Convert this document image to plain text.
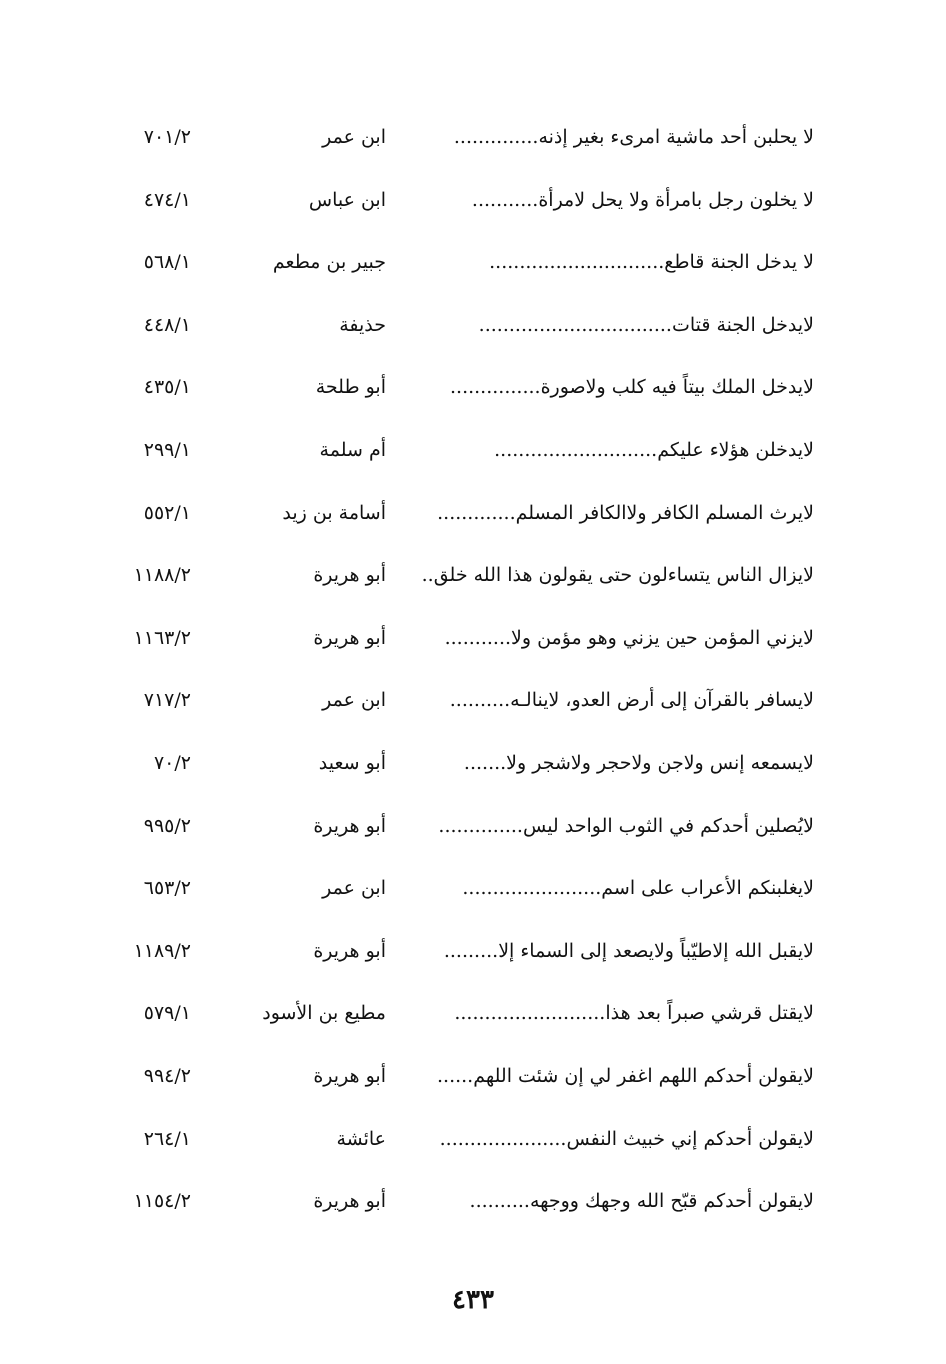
لا يحلبن أحد ماشية امرىء بغير إذنه..............
ابن عمر
٧٠١/٢
لا يخلون رجل بامرأة ولا يحل لامرأة...........
ابن عباس
٤٧٤/١
لا يدخل الجنة قاطع.............................
جبير بن مطعم
٥٦٨/١
لايدخل الجنة قتات................................
حذيفة
٤٤٨/١
لايدخل الملك بيتاً فيه كلب ولاصورة...............
أبو طلحة
٤٣٥/١
لايدخلن هؤلاء عليكم...........................
أم سلمة
٢٩٩/١
لايرث المسلم الكافر ولاالكافر المسلم.............
أسامة بن زيد
٥٥٢/١
لايزال الناس يتساءلون حتى يقولون هذا الله خلق..
أبو هريرة
١١٨٨/٢
لايزني المؤمن حين يزني وهو مؤمن ولا...........
أبو هريرة
١١٦٣/٢
لايسافر بالقرآن إلى أرض العدو، لاينالـه..........
ابن عمر
٧١٧/٢
لايسمعه إنس ولاجن ولاحجر ولاشجر ولا.......
أبو سعيد
٧٠/٢
لايُصلين أحدكم في الثوب الواحد ليس..............
أبو هريرة
٩٩٥/٢
لايغلبنكم الأعراب على اسم.......................
ابن عمر
٦٥٣/٢
لايقبل الله إلاطيّباً ولايصعد إلى السماء إلا.........
أبو هريرة
١١٨٩/٢
لايقتل قرشي صبراً بعد هذا.........................
مطيع بن الأسود
٥٧٩/١
لايقولن أحدكم اللهم اغفر لي إن شئت اللهم......
أبو هريرة
٩٩٤/٢
لايقولن أحدكم إني خبيث النفس.....................
عائشة
٢٦٤/١
لايقولن أحدكم قبّح الله وجهك ووجهه..........
أبو هريرة
١١٥٤/٢
٤٣٣
